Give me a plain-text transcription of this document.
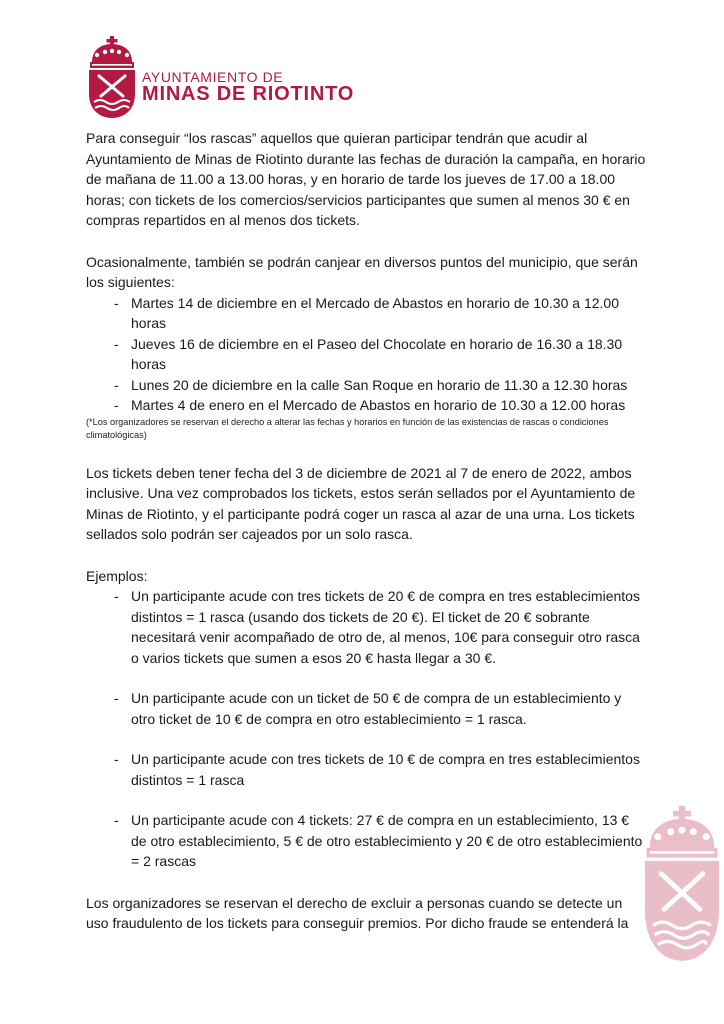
AYUNTAMIENTO DE
MINAS DE RIOTINTO

Para conseguir “los rascas” aquellos que quieran participar tendrán que acudir al Ayuntamiento de Minas de Riotinto durante las fechas de duración la campaña, en horario de mañana de 11.00 a 13.00 horas, y en horario de tarde los jueves de 17.00 a 18.00 horas; con tickets de los comercios/servicios participantes que sumen al menos 30 € en compras repartidos en al menos dos tickets.

Ocasionalmente, también se podrán canjear en diversos puntos del municipio, que serán los siguientes:

- Martes 14 de diciembre en el Mercado de Abastos en horario de 10.30 a 12.00 horas
- Jueves 16 de diciembre en el Paseo del Chocolate en horario de 16.30 a 18.30 horas
- Lunes 20 de diciembre en la calle San Roque en horario de 11.30 a 12.30 horas
- Martes 4 de enero en el Mercado de Abastos en horario de 10.30 a 12.00 horas

(*Los organizadores se reservan el derecho a alterar las fechas y horarios en función de las existencias de rascas o condiciones climatológicas)

Los tickets deben tener fecha del 3 de diciembre de 2021 al 7 de enero de 2022, ambos inclusive. Una vez comprobados los tickets, estos serán sellados por el Ayuntamiento de Minas de Riotinto, y el participante podrá coger un rasca al azar de una urna. Los tickets sellados solo podrán ser cajeados por un solo rasca.

Ejemplos:

- Un participante acude con tres tickets de 20 € de compra en tres establecimientos distintos = 1 rasca (usando dos tickets de 20 €). El ticket de 20 € sobrante necesitará venir acompañado de otro de, al menos, 10€ para conseguir otro rasca o varios tickets que sumen a esos 20 € hasta llegar a 30 €.
- Un participante acude con un ticket de 50 € de compra de un establecimiento y otro ticket de 10 € de compra en otro establecimiento = 1 rasca.
- Un participante acude con tres tickets de 10 € de compra en tres establecimientos distintos = 1 rasca
- Un participante acude con 4 tickets: 27 € de compra en un establecimiento, 13 € de otro establecimiento, 5 € de otro establecimiento y 20 € de otro establecimiento = 2 rascas

Los organizadores se reservan el derecho de excluir a personas cuando se detecte un uso fraudulento de los tickets para conseguir premios. Por dicho fraude se entenderá la
